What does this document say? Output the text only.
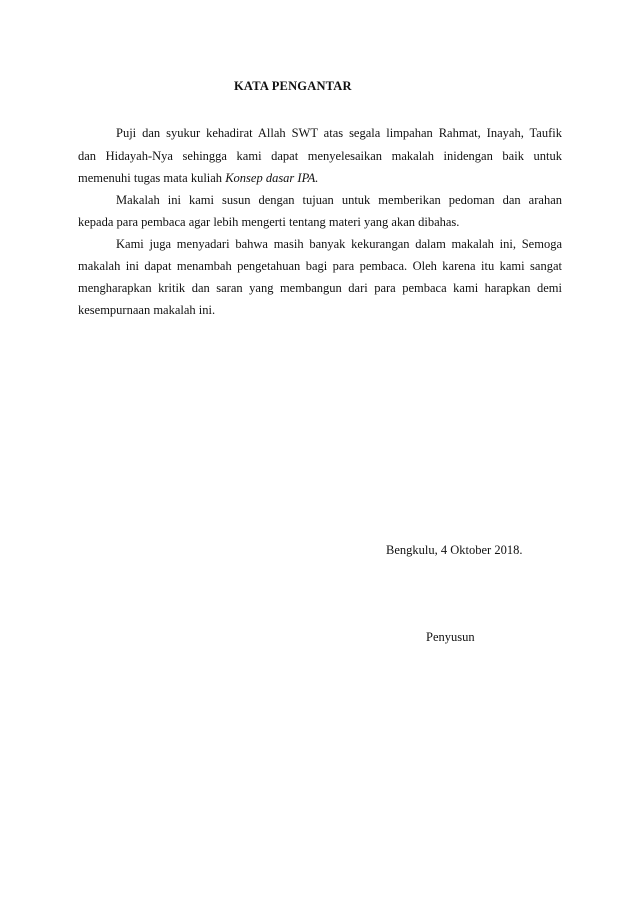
KATA PENGANTAR
Puji dan syukur kehadirat Allah SWT atas segala limpahan Rahmat, Inayah, Taufik
dan Hidayah-Nya sehingga kami dapat menyelesaikan makalah inidengan baik untuk
memenuhi tugas mata kuliah Konsep dasar IPA.
Makalah ini kami susun dengan tujuan untuk memberikan pedoman dan arahan
kepada para pembaca agar lebih mengerti tentang materi yang akan dibahas.
Kami juga menyadari bahwa masih banyak kekurangan dalam makalah ini, Semoga
makalah ini dapat menambah pengetahuan bagi para pembaca. Oleh karena itu kami sangat
mengharapkan kritik dan saran yang membangun dari para pembaca kami harapkan demi
kesempurnaan makalah ini.
Bengkulu, 4 Oktober 2018.
Penyusun
